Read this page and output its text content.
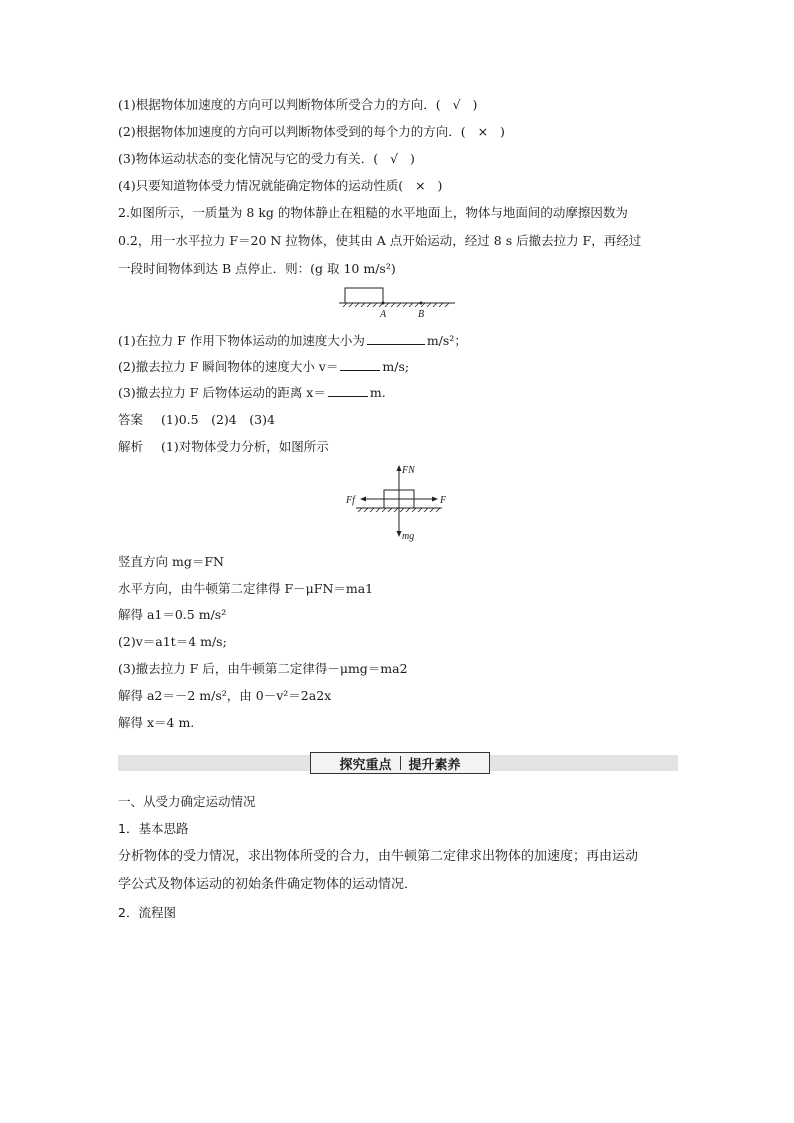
(1)根据物体加速度的方向可以判断物体所受合力的方向．( √ )
(2)根据物体加速度的方向可以判断物体受到的每个力的方向．( × )
(3)物体运动状态的变化情况与它的受力有关．( √ )
(4)只要知道物体受力情况就能确定物体的运动性质( × )
2.如图所示，一质量为 8 kg 的物体静止在粗糙的水平地面上，物体与地面间的动摩擦因数为
0.2，用一水平拉力 F＝20 N 拉物体，使其由 A 点开始运动，经过 8 s 后撤去拉力 F，再经过
一段时间物体到达 B 点停止．则：(g 取 10 m/s²)
A	B
(1)在拉力 F 作用下物体运动的加速度大小为	m/s²；
(2)撤去拉力 F 瞬间物体的速度大小 v＝	m/s;
(3)撤去拉力 F 后物体运动的距离 x＝	m.
答案 (1)0.5　(2)4　(3)4
解析 (1)对物体受力分析，如图所示
FN
Ff	F
mg
竖直方向 mg＝FN
水平方向，由牛顿第二定律得 F－μFN＝ma1
解得 a1＝0.5 m/s²
(2)v＝a1t＝4 m/s;
(3)撤去拉力 F 后，由牛顿第二定律得－μmg＝ma2
解得 a2＝－2 m/s²，由 0－v²＝2a2x
解得 x＝4 m.
探究重点	提升素养
一、从受力确定运动情况
1．基本思路
分析物体的受力情况，求出物体所受的合力，由牛顿第二定律求出物体的加速度；再由运动
学公式及物体运动的初始条件确定物体的运动情况．
2．流程图
